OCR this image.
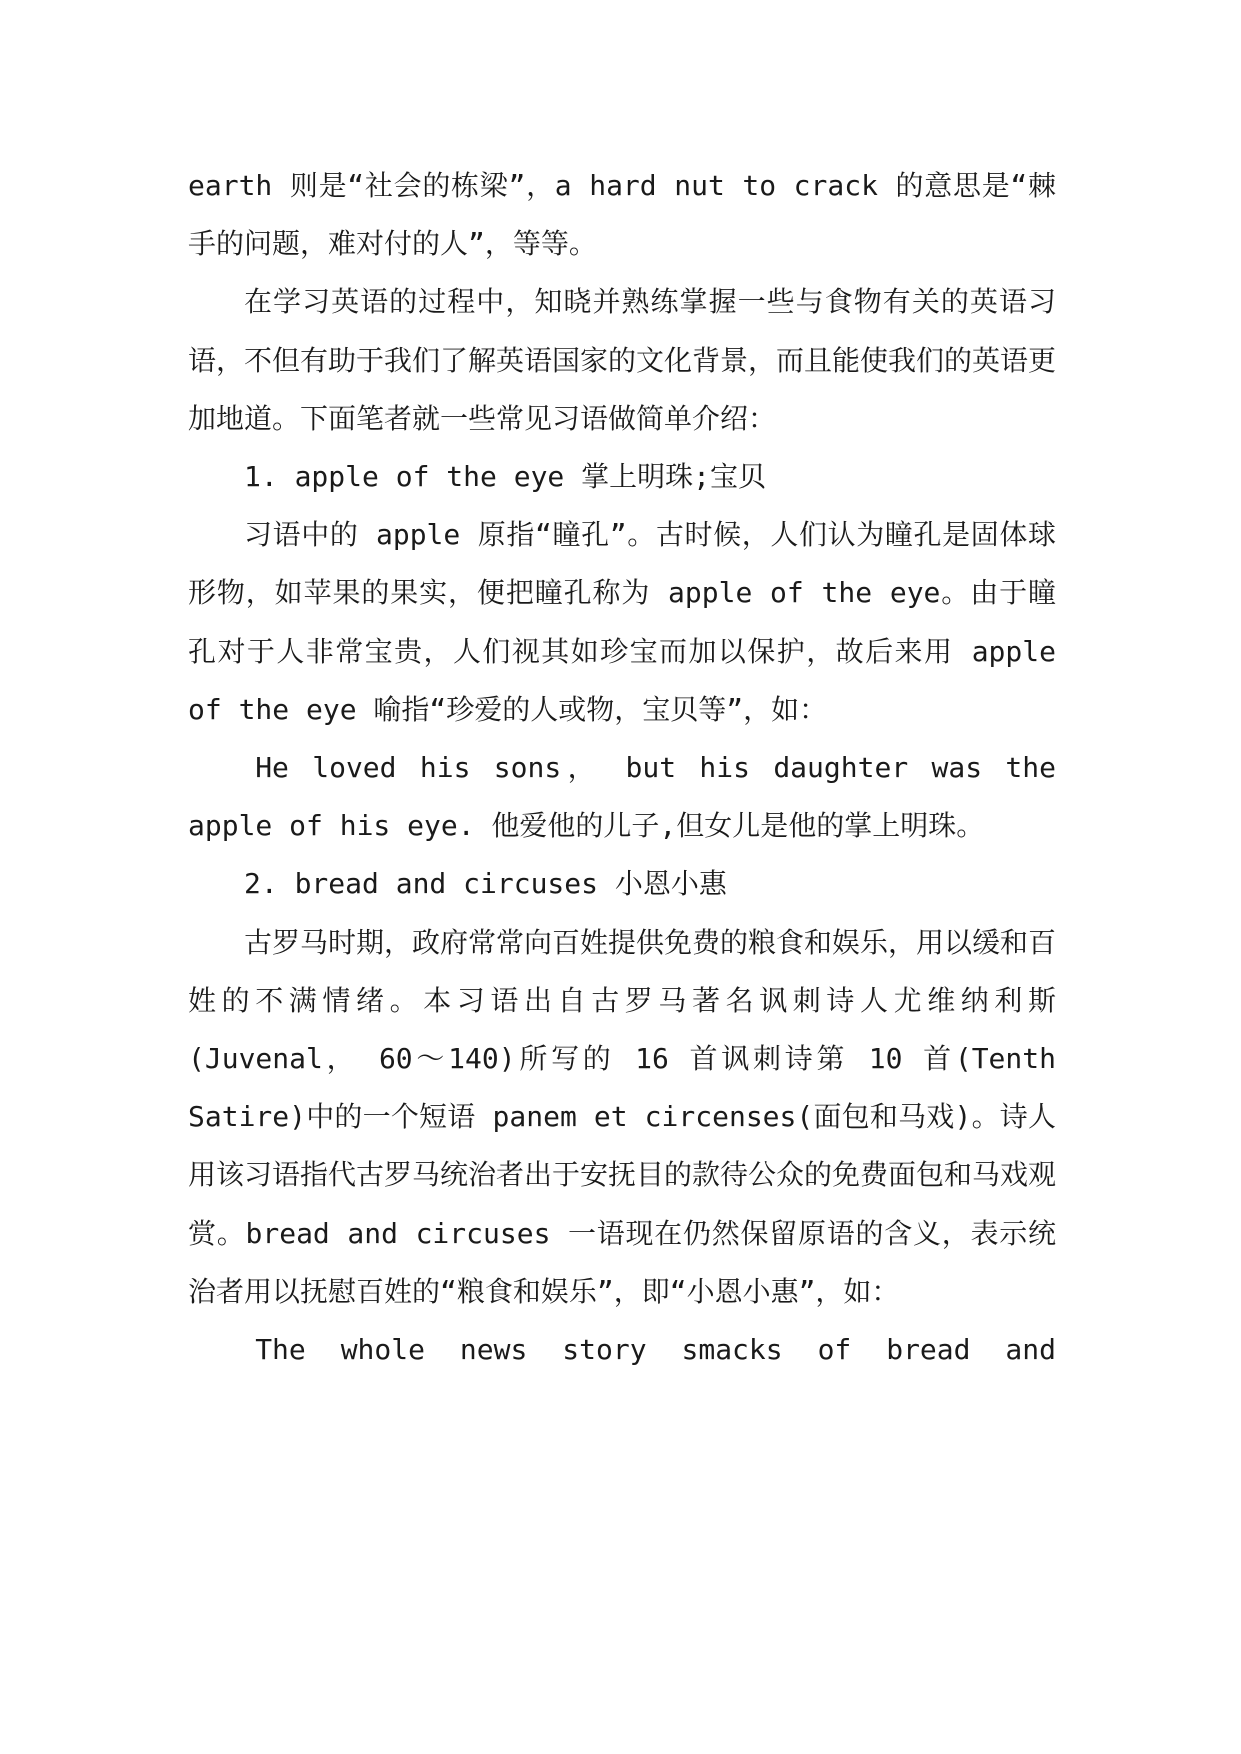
earth 则是“社会的栋梁”，a hard nut to crack 的意思是“棘手的问题，难对付的人”，等等。

在学习英语的过程中，知晓并熟练掌握一些与食物有关的英语习语，不但有助于我们了解英语国家的文化背景，而且能使我们的英语更加地道。下面笔者就一些常见习语做简单介绍：

1. apple of the eye 掌上明珠;宝贝

习语中的 apple 原指“瞳孔”。古时候，人们认为瞳孔是固体球形物，如苹果的果实，便把瞳孔称为 apple of the eye。由于瞳孔对于人非常宝贵，人们视其如珍宝而加以保护，故后来用 apple of the eye 喻指“珍爱的人或物，宝贝等”，如：

He loved his sons， but his daughter was the apple of his eye. 他爱他的儿子,但女儿是他的掌上明珠。

2. bread and circuses 小恩小惠

古罗马时期，政府常常向百姓提供免费的粮食和娱乐，用以缓和百姓的不满情绪。本习语出自古罗马著名讽刺诗人尤维纳利斯(Juvenal， 60～140)所写的 16 首讽刺诗第 10 首(Tenth Satire)中的一个短语 panem et circenses(面包和马戏)。诗人用该习语指代古罗马统治者出于安抚目的款待公众的免费面包和马戏观赏。bread and circuses 一语现在仍然保留原语的含义，表示统治者用以抚慰百姓的“粮食和娱乐”，即“小恩小惠”，如：

The whole news story smacks of bread and
